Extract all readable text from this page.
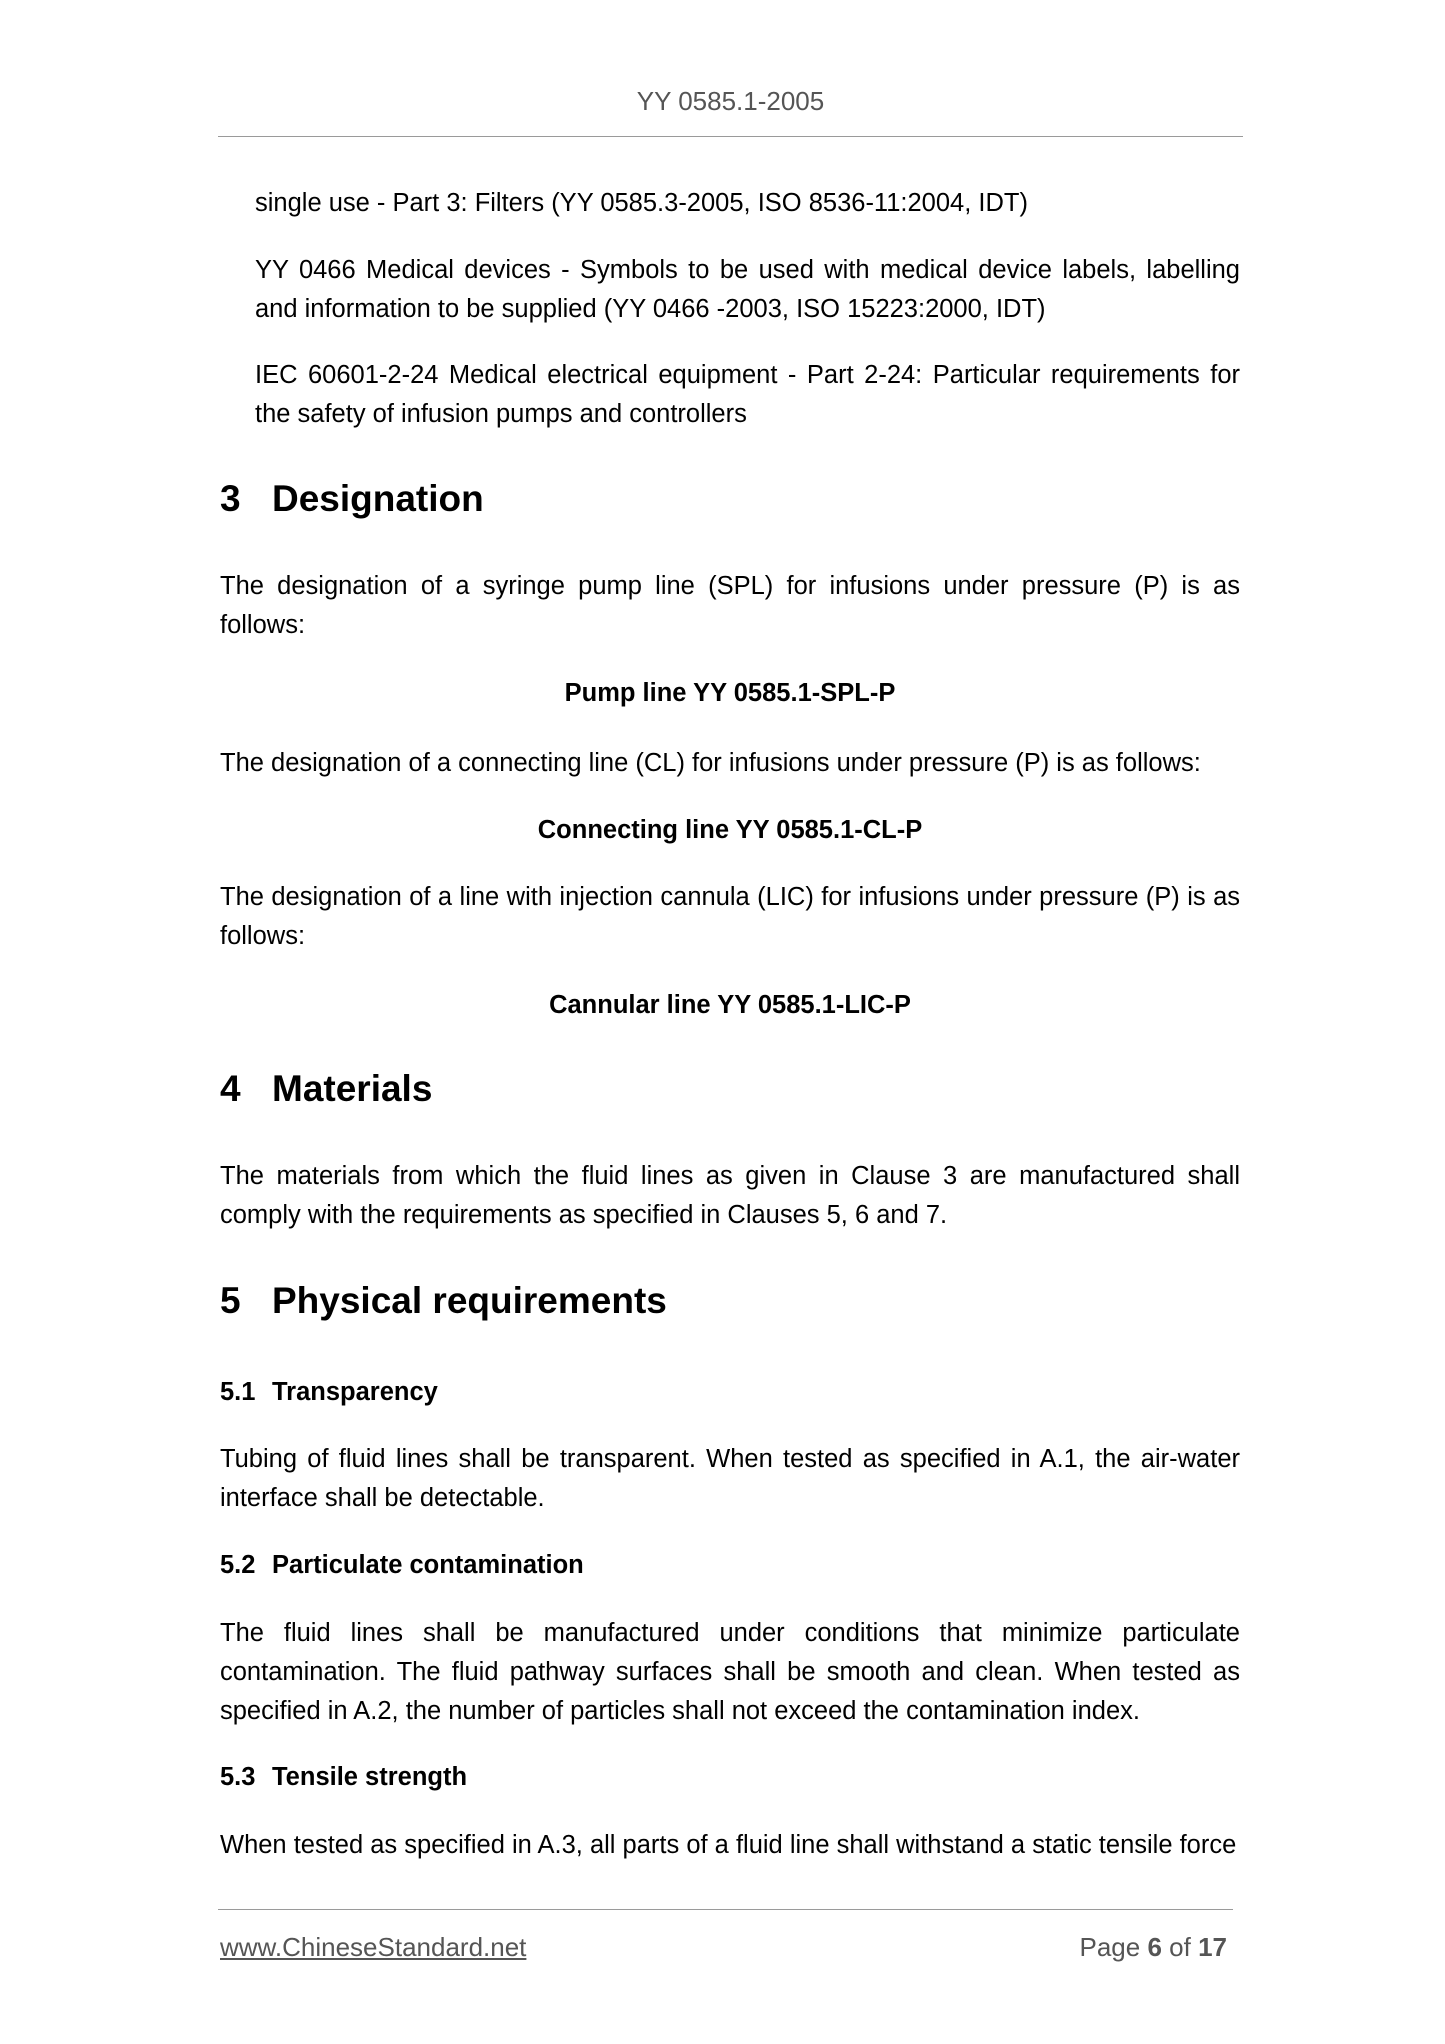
YY 0585.1-2005

single use - Part 3: Filters (YY 0585.3-2005, ISO 8536-11:2004, IDT)

YY 0466 Medical devices - Symbols to be used with medical device labels, labelling and information to be supplied (YY 0466 -2003, ISO 15223:2000, IDT)

IEC 60601-2-24 Medical electrical equipment - Part 2-24: Particular requirements for the safety of infusion pumps and controllers

3 Designation

The designation of a syringe pump line (SPL) for infusions under pressure (P) is as follows:

Pump line YY 0585.1-SPL-P

The designation of a connecting line (CL) for infusions under pressure (P) is as follows:

Connecting line YY 0585.1-CL-P

The designation of a line with injection cannula (LIC) for infusions under pressure (P) is as follows:

Cannular line YY 0585.1-LIC-P

4 Materials

The materials from which the fluid lines as given in Clause 3 are manufactured shall comply with the requirements as specified in Clauses 5, 6 and 7.

5 Physical requirements
5.1 Transparency

Tubing of fluid lines shall be transparent. When tested as specified in A.1, the air-water interface shall be detectable.

5.2 Particulate contamination

The fluid lines shall be manufactured under conditions that minimize particulate contamination. The fluid pathway surfaces shall be smooth and clean. When tested as specified in A.2, the number of particles shall not exceed the contamination index.

5.3 Tensile strength

When tested as specified in A.3, all parts of a fluid line shall withstand a static tensile force

www.ChineseStandard.net	Page 6 of 17
